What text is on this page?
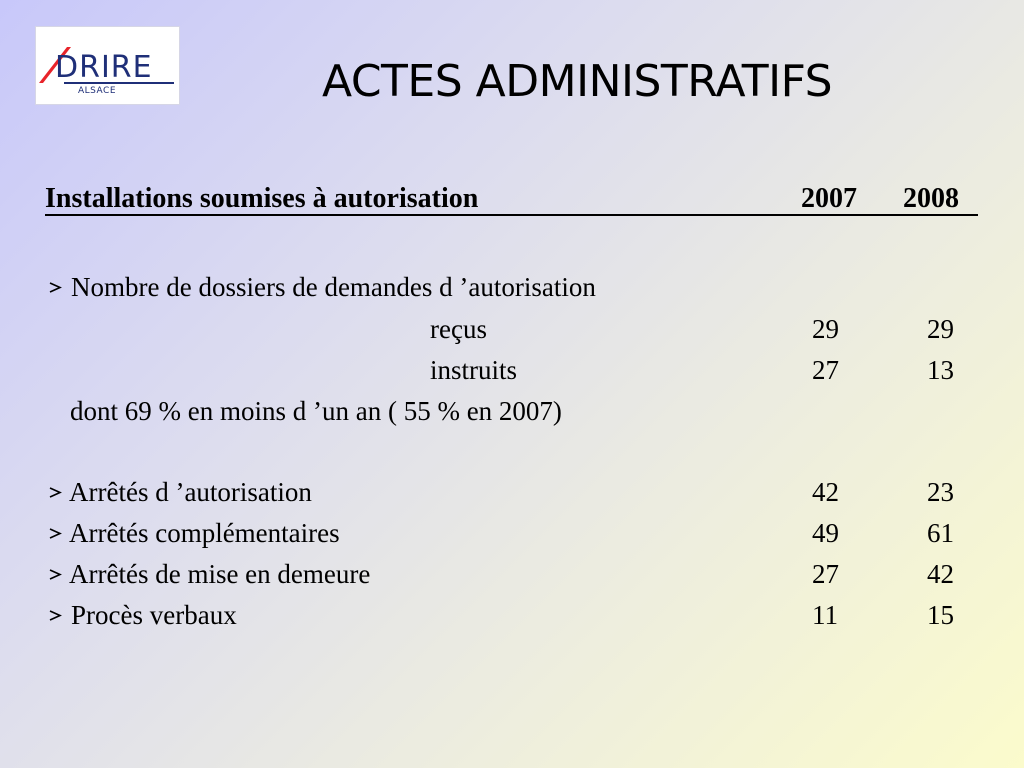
DRIRE
ALSACE	ACTES ADMINISTRATIFS
Installations soumises à autorisation	2007 2008
Nombre de dossiers de demandes d ’autorisation
reçus	29	29
instruits	27	13
dont 69 % en moins d ’un an ( 55 % en 2007)
Arrêtés d ’autorisation	42	23
Arrêtés complémentaires	49	61
Arrêtés de mise en demeure	27	42
Procès verbaux	11	15
